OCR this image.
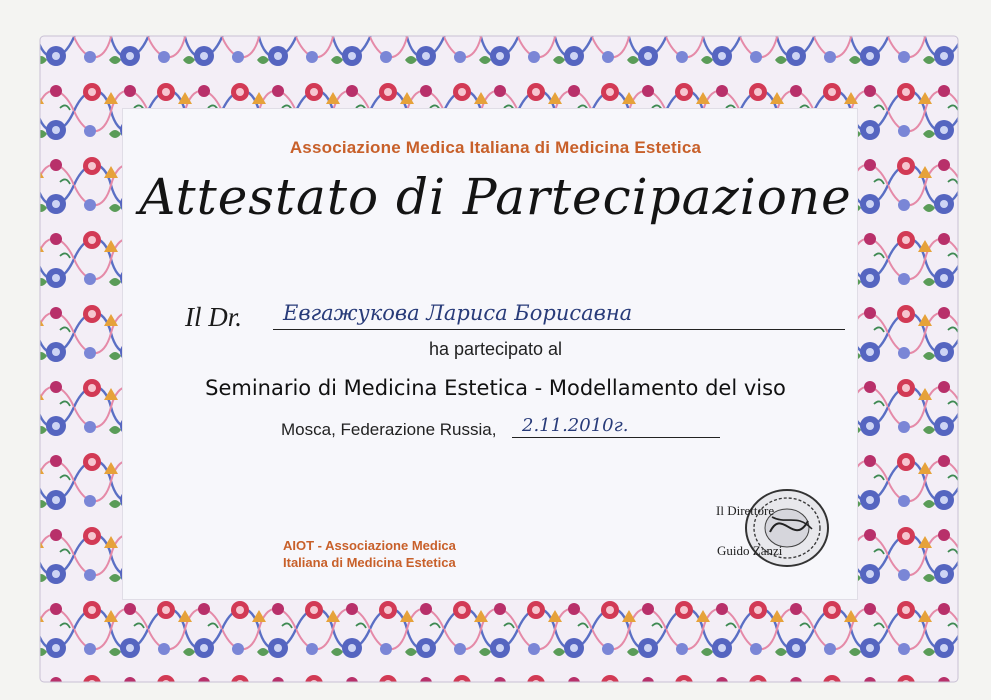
Associazione Medica Italiana di Medicina Estetica
Attestato di Partecipazione
Il Dr.	Евгажукова Лариса Борисавна
ha partecipato al
Seminario di Medicina Estetica - Modellamento del viso
Mosca, Federazione Russia,	2.11.2010г.
AIOT - Associazione Medica
Italiana di Medicina Estetica
Il Direttore
Guido Zanzi
